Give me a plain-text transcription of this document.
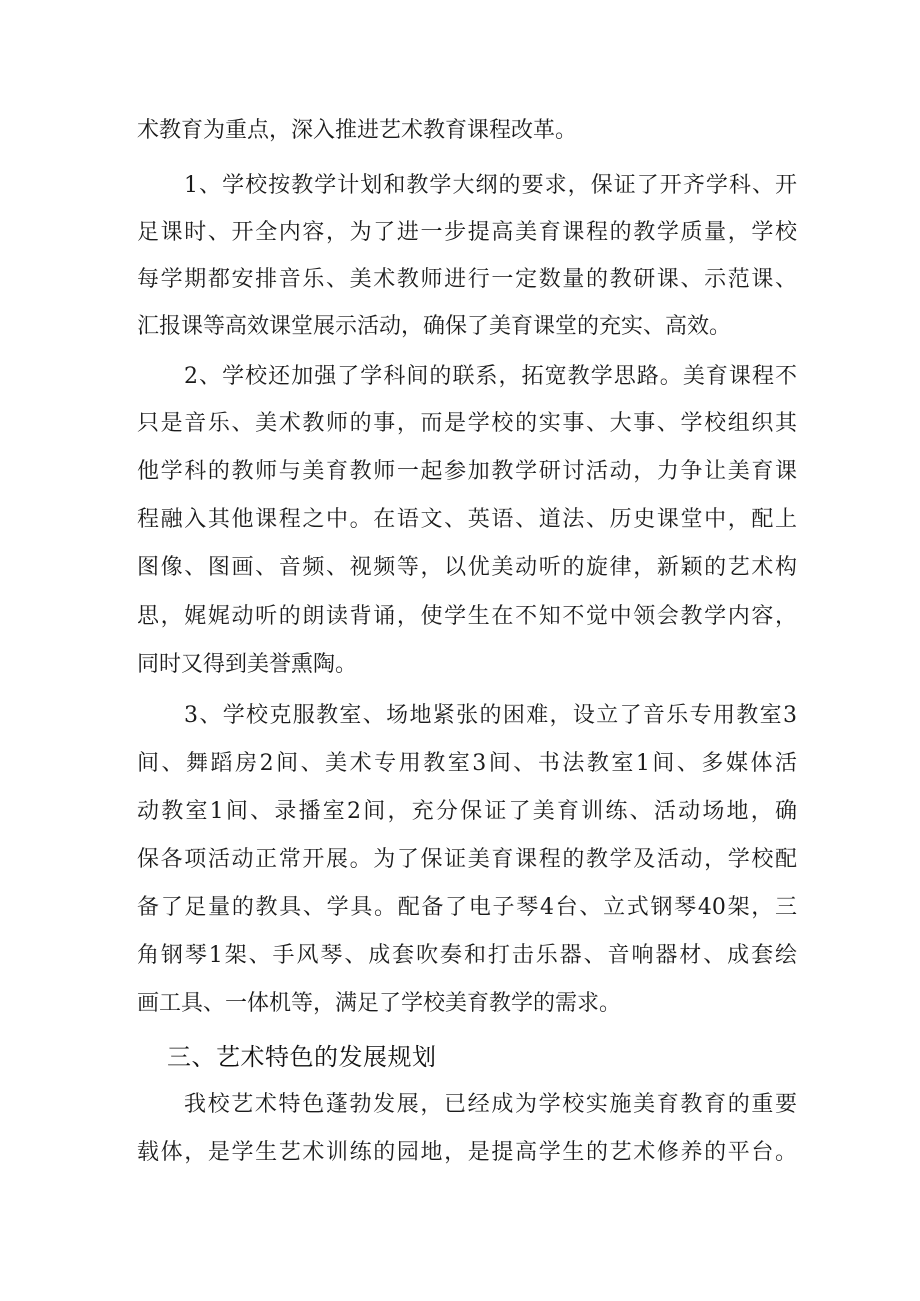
术教育为重点，深入推进艺术教育课程改革。
1、学校按教学计划和教学大纲的要求，保证了开齐学科、开
足课时、开全内容，为了进一步提高美育课程的教学质量，学校
每学期都安排音乐、美术教师进行一定数量的教研课、示范课、
汇报课等高效课堂展示活动，确保了美育课堂的充实、高效。
2、学校还加强了学科间的联系，拓宽教学思路。美育课程不
只是音乐、美术教师的事，而是学校的实事、大事、学校组织其
他学科的教师与美育教师一起参加教学研讨活动，力争让美育课
程融入其他课程之中。在语文、英语、道法、历史课堂中，配上
图像、图画、音频、视频等，以优美动听的旋律，新颖的艺术构
思，娓娓动听的朗读背诵，使学生在不知不觉中领会教学内容，
同时又得到美誉熏陶。
3、学校克服教室、场地紧张的困难，设立了音乐专用教室3
间、舞蹈房2间、美术专用教室3间、书法教室1间、多媒体活
动教室1间、录播室2间，充分保证了美育训练、活动场地，确
保各项活动正常开展。为了保证美育课程的教学及活动，学校配
备了足量的教具、学具。配备了电子琴4台、立式钢琴40架，三
角钢琴1架、手风琴、成套吹奏和打击乐器、音响器材、成套绘
画工具、一体机等，满足了学校美育教学的需求。
三、艺术特色的发展规划
我校艺术特色蓬勃发展，已经成为学校实施美育教育的重要
载体，是学生艺术训练的园地，是提高学生的艺术修养的平台。
